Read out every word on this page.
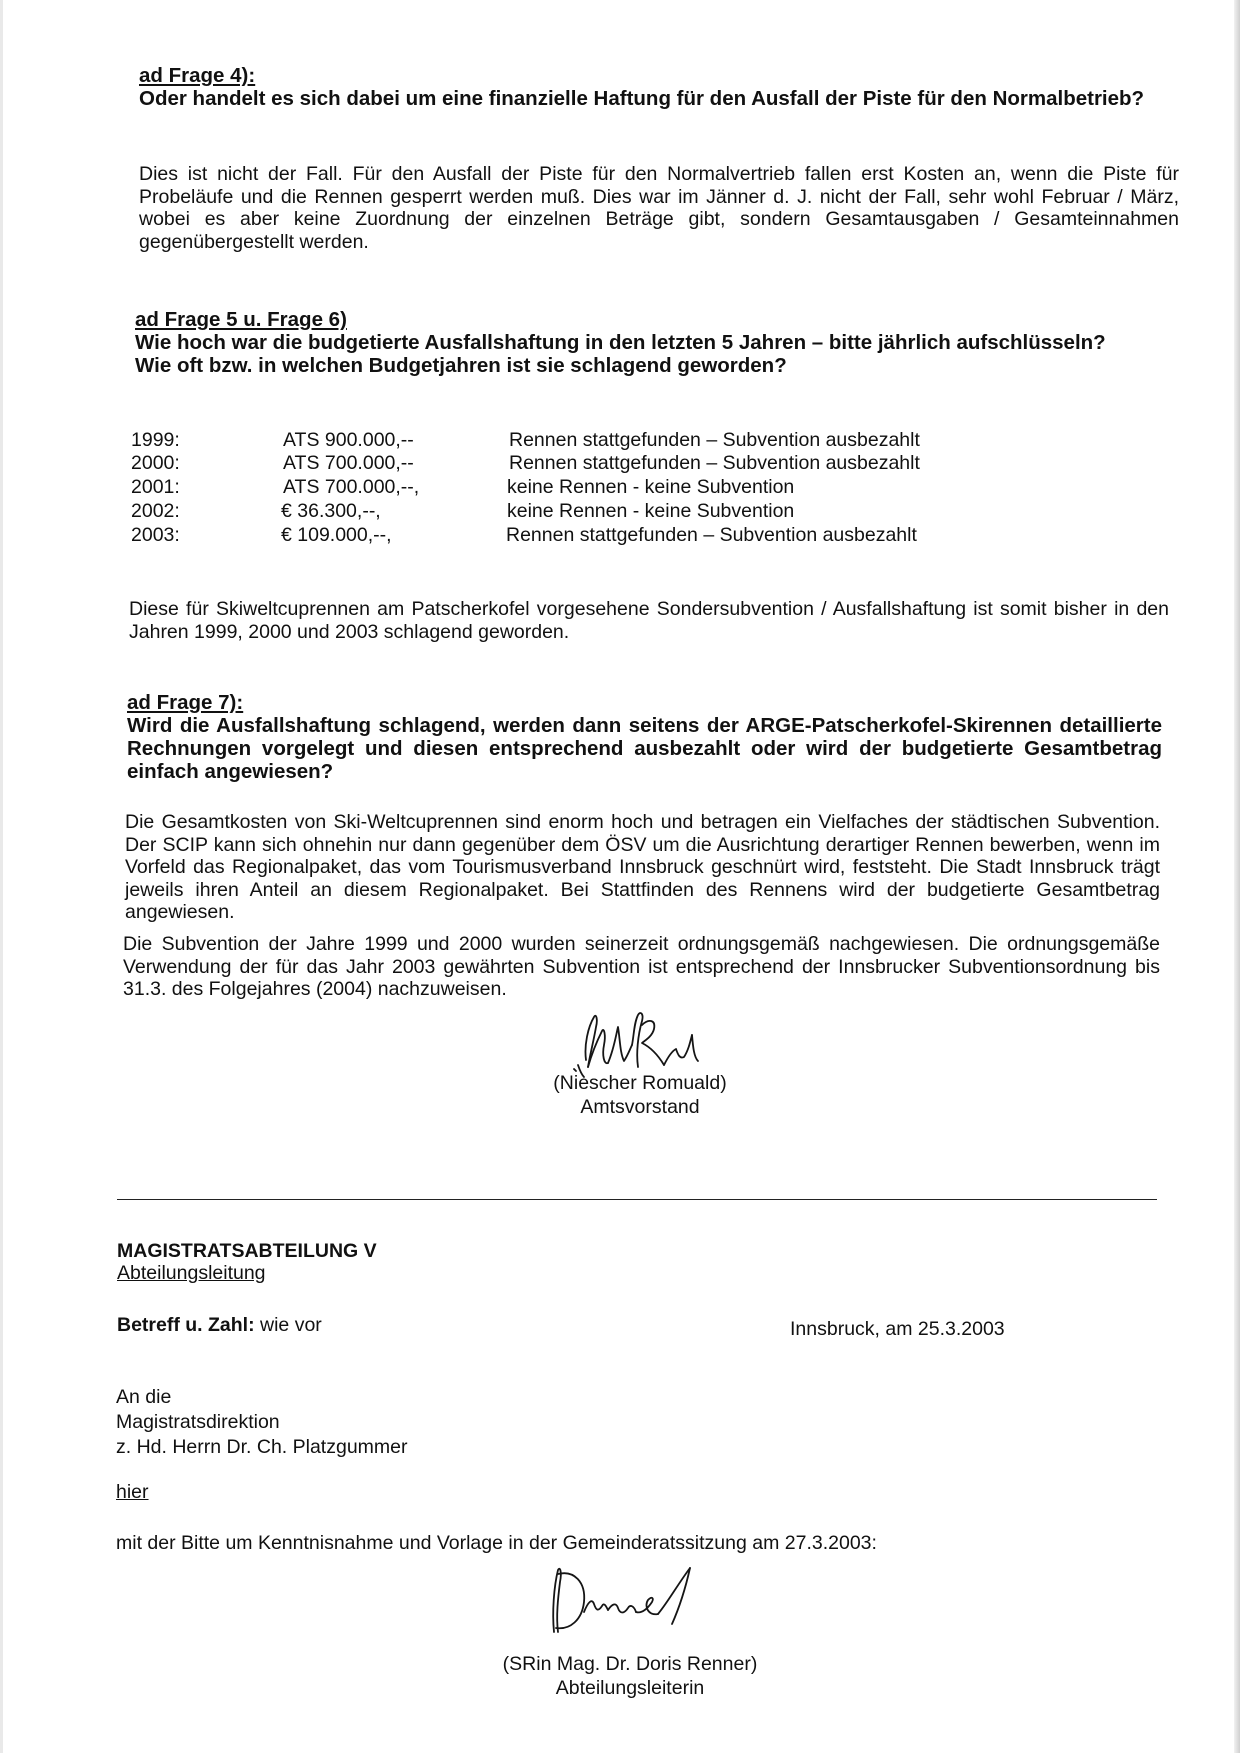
ad Frage 4):
Oder handelt es sich dabei um eine finanzielle Haftung für den Ausfall der Piste für den Normalbetrieb?
Dies ist nicht der Fall. Für den Ausfall der Piste für den Normalvertrieb fallen erst Kosten an, wenn die Piste für Probeläufe und die Rennen gesperrt werden muß. Dies war im Jänner d. J. nicht der Fall, sehr wohl Februar / März, wobei es aber keine Zuordnung der einzelnen Beträge gibt, sondern Gesamtausgaben / Gesamteinnahmen gegenübergestellt werden.
ad Frage 5 u. Frage 6)
Wie hoch war die budgetierte Ausfallshaftung in den letzten 5 Jahren – bitte jährlich aufschlüsseln?
Wie oft bzw. in welchen Budgetjahren ist sie schlagend geworden?
1999:	ATS 900.000,--	Rennen stattgefunden – Subvention ausbezahlt
2000:	ATS 700.000,--	Rennen stattgefunden – Subvention ausbezahlt
2001:	ATS 700.000,--,	keine Rennen - keine Subvention
2002:	€ 36.300,--,	keine Rennen - keine Subvention
2003:	€ 109.000,--,	Rennen stattgefunden – Subvention ausbezahlt
Diese für Skiweltcuprennen am Patscherkofel vorgesehene Sondersubvention / Ausfallshaftung ist somit bisher in den Jahren 1999, 2000 und 2003 schlagend geworden.
ad Frage 7):
Wird die Ausfallshaftung schlagend, werden dann seitens der ARGE-Patscherkofel-Skirennen detaillierte Rechnungen vorgelegt und diesen entsprechend ausbezahlt oder wird der budgetierte Gesamtbetrag einfach angewiesen?
Die Gesamtkosten von Ski-Weltcuprennen sind enorm hoch und betragen ein Vielfaches der städtischen Subvention. Der SCIP kann sich ohnehin nur dann gegenüber dem ÖSV um die Ausrichtung derartiger Rennen bewerben, wenn im Vorfeld das Regionalpaket, das vom Tourismusverband Innsbruck geschnürt wird, feststeht. Die Stadt Innsbruck trägt jeweils ihren Anteil an diesem Regionalpaket. Bei Stattfinden des Rennens wird der budgetierte Gesamtbetrag angewiesen.
Die Subvention der Jahre 1999 und 2000 wurden seinerzeit ordnungsgemäß nachgewiesen. Die ordnungsgemäße Verwendung der für das Jahr 2003 gewährten Subvention ist entsprechend der Innsbrucker Subventionsordnung bis 31.3. des Folgejahres (2004) nachzuweisen.
(Niescher Romuald)
Amtsvorstand
MAGISTRATSABTEILUNG V
Abteilungsleitung
Betreff u. Zahl: wie vor	Innsbruck, am 25.3.2003
An die
Magistratsdirektion
z. Hd. Herrn Dr. Ch. Platzgummer
hier
mit der Bitte um Kenntnisnahme und Vorlage in der Gemeinderatssitzung am 27.3.2003:
(SRin Mag. Dr. Doris Renner)
Abteilungsleiterin
